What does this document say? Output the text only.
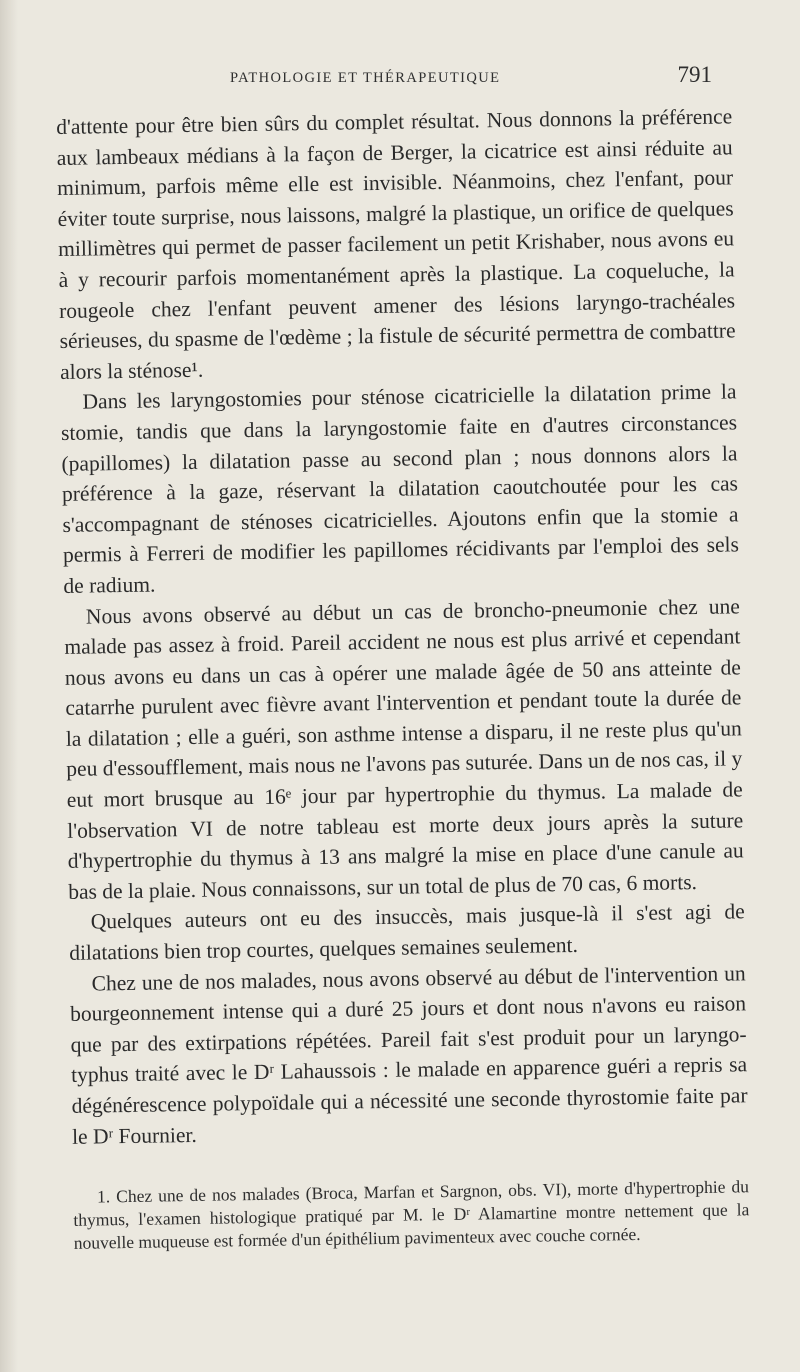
PATHOLOGIE ET THÉRAPEUTIQUE	791

d'attente pour être bien sûrs du complet résultat. Nous donnons la préférence aux lambeaux médians à la façon de Berger, la cicatrice est ainsi réduite au minimum, parfois même elle est invisible. Néanmoins, chez l'enfant, pour éviter toute surprise, nous laissons, malgré la plastique, un orifice de quelques millimètres qui permet de passer facilement un petit Krishaber, nous avons eu à y recourir parfois momentanément après la plastique. La coqueluche, la rougeole chez l'enfant peuvent amener des lésions laryngo-trachéales sérieuses, du spasme de l'œdème ; la fistule de sécurité permettra de combattre alors la sténose¹.

Dans les laryngostomies pour sténose cicatricielle la dilatation prime la stomie, tandis que dans la laryngostomie faite en d'autres circonstances (papillomes) la dilatation passe au second plan ; nous donnons alors la préférence à la gaze, réservant la dilatation caoutchoutée pour les cas s'accompagnant de sténoses cicatricielles. Ajoutons enfin que la stomie a permis à Ferreri de modifier les papillomes récidivants par l'emploi des sels de radium.

Nous avons observé au début un cas de broncho-pneumonie chez une malade pas assez à froid. Pareil accident ne nous est plus arrivé et cependant nous avons eu dans un cas à opérer une malade âgée de 50 ans atteinte de catarrhe purulent avec fièvre avant l'intervention et pendant toute la durée de la dilatation ; elle a guéri, son asthme intense a disparu, il ne reste plus qu'un peu d'essoufflement, mais nous ne l'avons pas suturée. Dans un de nos cas, il y eut mort brusque au 16ᵉ jour par hypertrophie du thymus. La malade de l'observation VI de notre tableau est morte deux jours après la suture d'hypertrophie du thymus à 13 ans malgré la mise en place d'une canule au bas de la plaie. Nous connaissons, sur un total de plus de 70 cas, 6 morts.

Quelques auteurs ont eu des insuccès, mais jusque-là il s'est agi de dilatations bien trop courtes, quelques semaines seulement.

Chez une de nos malades, nous avons observé au début de l'intervention un bourgeonnement intense qui a duré 25 jours et dont nous n'avons eu raison que par des extirpations répétées. Pareil fait s'est produit pour un laryngo-typhus traité avec le Dʳ Lahaussois : le malade en apparence guéri a repris sa dégénérescence polypoïdale qui a nécessité une seconde thyrostomie faite par le Dʳ Fournier.

1. Chez une de nos malades (Broca, Marfan et Sargnon, obs. VI), morte d'hypertrophie du thymus, l'examen histologique pratiqué par M. le Dʳ Alamartine montre nettement que la nouvelle muqueuse est formée d'un épithélium pavimenteux avec couche cornée.
